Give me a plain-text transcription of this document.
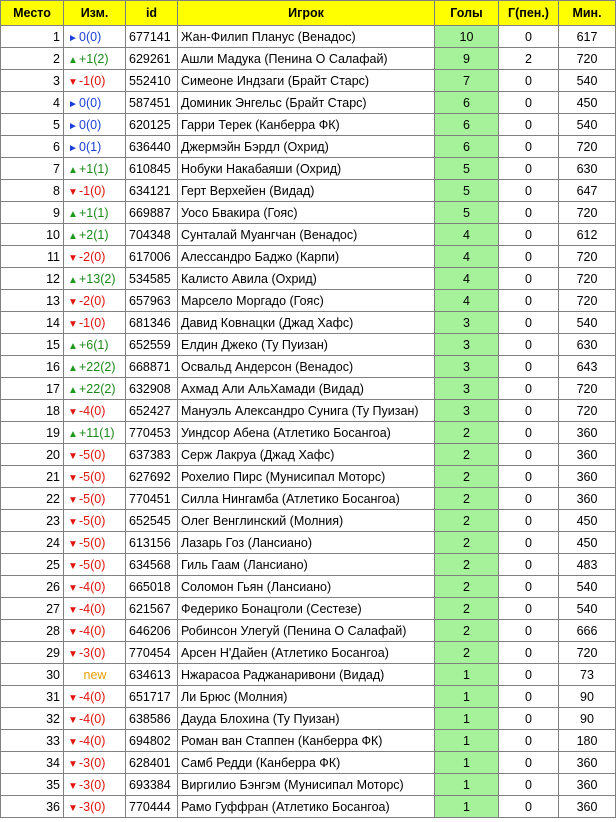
Место	Изм.	id	Игрок	Голы	Г(пен.)	Мин.
1	►0(0)	677141	Жан-Филип Планус (Венадос)	10	0	617
2	▲+1(2)	629261	Ашли Мадука (Пенина О Салафай)	9	2	720
3	▼-1(0)	552410	Симеоне Индзаги (Брайт Старс)	7	0	540
4	►0(0)	587451	Доминик Энгельс (Брайт Старс)	6	0	450
5	►0(0)	620125	Гарри Терек (Канберра ФК)	6	0	540
6	►0(1)	636440	Джермэйн Бэрдл (Охрид)	6	0	720
7	▲+1(1)	610845	Нобуки Накабаяши (Охрид)	5	0	630
8	▼-1(0)	634121	Герт Верхейен (Видад)	5	0	647
9	▲+1(1)	669887	Уосо Бвакира (Гояс)	5	0	720
10	▲+2(1)	704348	Сунталай Муангчан (Венадос)	4	0	612
11	▼-2(0)	617006	Алессандро Баджо (Карпи)	4	0	720
12	▲+13(2)	534585	Калисто Авила (Охрид)	4	0	720
13	▼-2(0)	657963	Марсело Моргадо (Гояс)	4	0	720
14	▼-1(0)	681346	Давид Ковнацки (Джад Хафс)	3	0	540
15	▲+6(1)	652559	Елдин Джеко (Ту Пуизан)	3	0	630
16	▲+22(2)	668871	Освальд Андерсон (Венадос)	3	0	643
17	▲+22(2)	632908	Ахмад Али АльХамади (Видад)	3	0	720
18	▼-4(0)	652427	Мануэль Александро Сунига (Ту Пуизан)	3	0	720
19	▲+11(1)	770453	Уиндсор Абена (Атлетико Босангоа)	2	0	360
20	▼-5(0)	637383	Серж Лакруа (Джад Хафс)	2	0	360
21	▼-5(0)	627692	Рохелио Пирс (Мунисипал Моторс)	2	0	360
22	▼-5(0)	770451	Силла Нингамба (Атлетико Босангоа)	2	0	360
23	▼-5(0)	652545	Олег Венглинский (Молния)	2	0	450
24	▼-5(0)	613156	Лазарь Гоз (Лансиано)	2	0	450
25	▼-5(0)	634568	Гиль Гаам (Лансиано)	2	0	483
26	▼-4(0)	665018	Соломон Гьян (Лансиано)	2	0	540
27	▼-4(0)	621567	Федерико Бонацголи (Сестезе)	2	0	540
28	▼-4(0)	646206	Робинсон Улегуй (Пенина О Салафай)	2	0	666
29	▼-3(0)	770454	Арсен Н'Дайен (Атлетико Босангоа)	2	0	720
30	new	634613	Нжарасоа Раджанаривони (Видад)	1	0	73
31	▼-4(0)	651717	Ли Брюс (Молния)	1	0	90
32	▼-4(0)	638586	Дауда Блохина (Ту Пуизан)	1	0	90
33	▼-4(0)	694802	Роман ван Стаппен (Канберра ФК)	1	0	180
34	▼-3(0)	628401	Самб Редди (Канберра ФК)	1	0	360
35	▼-3(0)	693384	Виргилио Бэнгэм (Мунисипал Моторс)	1	0	360
36	▼-3(0)	770444	Рамо Гуффран (Атлетико Босангоа)	1	0	360
